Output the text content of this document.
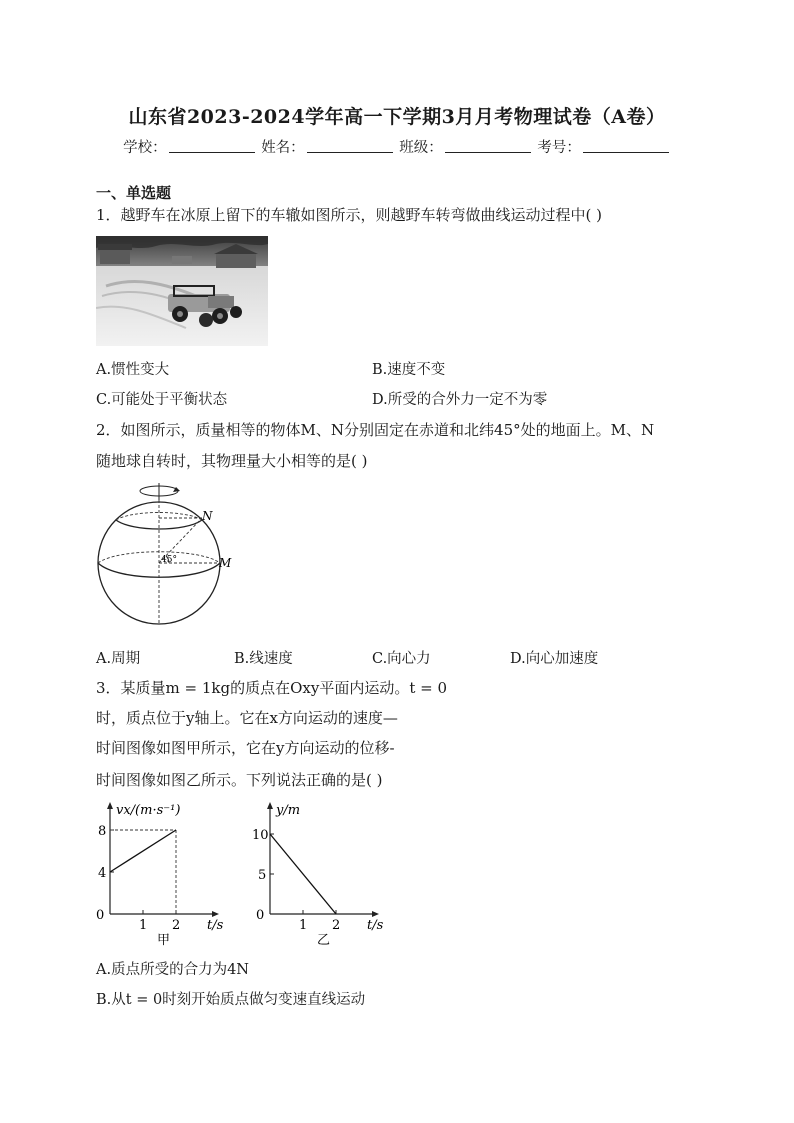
山东省2023-2024学年高一下学期3月月考物理试卷（A卷）
学校：	姓名：	班级：	考号：
一、单选题
1．越野车在冰原上留下的车辙如图所示，则越野车转弯做曲线运动过程中( )
A.惯性变大	B.速度不变
C.可能处于平衡状态	D.所受的合外力一定不为零
2．如图所示，质量相等的物体M、N分别固定在赤道和北纬45°处的地面上。M、N
随地球自转时，其物理量大小相等的是( )
45°
N
M
A.周期	B.线速度	C.向心力	D.向心加速度
3．某质量m = 1kg的质点在Oxy平面内运动。t = 0
时，质点位于y轴上。它在x方向运动的速度—
时间图像如图甲所示，它在y方向运动的位移-
时间图像如图乙所示。下列说法正确的是( )
0
1 2
4
8
t/s
vx/(m·s⁻¹)
甲
0
1 2
5
10
t/s
y/m
乙
A.质点所受的合力为4N
B.从t = 0时刻开始质点做匀变速直线运动
